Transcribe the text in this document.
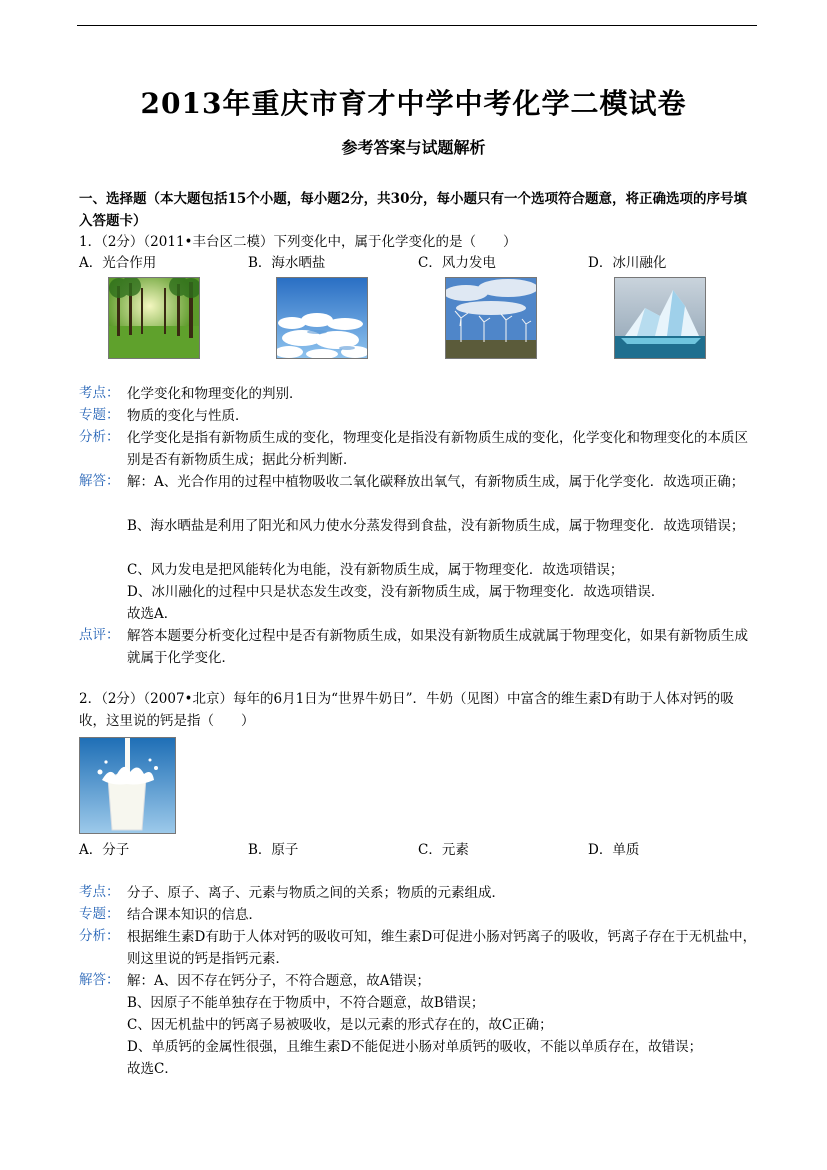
2013年重庆市育才中学中考化学二模试卷
参考答案与试题解析
一、选择题（本大题包括15个小题，每小题2分，共30分，每小题只有一个选项符合题意，将正确选项的序号填入答题卡）
1．（2分）（2011•丰台区二模）下列变化中，属于化学变化的是（　　）
A．光合作用	B．海水晒盐	C．风力发电	D．冰川融化
考点： 化学变化和物理变化的判别．
专题： 物质的变化与性质．
分析： 化学变化是指有新物质生成的变化，物理变化是指没有新物质生成的变化，化学变化和物理变化的本质区别是否有新物质生成；据此分析判断．
解答： 解：A、光合作用的过程中植物吸收二氧化碳释放出氧气，有新物质生成，属于化学变化．故选项正确；
B、海水晒盐是利用了阳光和风力使水分蒸发得到食盐，没有新物质生成，属于物理变化．故选项错误；
C、风力发电是把风能转化为电能，没有新物质生成，属于物理变化．故选项错误；
D、冰川融化的过程中只是状态发生改变，没有新物质生成，属于物理变化．故选项错误．
故选A．
点评： 解答本题要分析变化过程中是否有新物质生成，如果没有新物质生成就属于物理变化，如果有新物质生成就属于化学变化．
2．（2分）（2007•北京）每年的6月1日为“世界牛奶日”．牛奶（见图）中富含的维生素D有助于人体对钙的吸收，这里说的钙是指（　　）
A．分子	B．原子	C．元素	D．单质
考点： 分子、原子、离子、元素与物质之间的关系；物质的元素组成．
专题： 结合课本知识的信息．
分析： 根据维生素D有助于人体对钙的吸收可知，维生素D可促进小肠对钙离子的吸收，钙离子存在于无机盐中，则这里说的钙是指钙元素．
解答： 解：A、因不存在钙分子，不符合题意，故A错误；
B、因原子不能单独存在于物质中，不符合题意，故B错误；
C、因无机盐中的钙离子易被吸收，是以元素的形式存在的，故C正确；
D、单质钙的金属性很强，且维生素D不能促进小肠对单质钙的吸收，不能以单质存在，故错误；
故选C．
